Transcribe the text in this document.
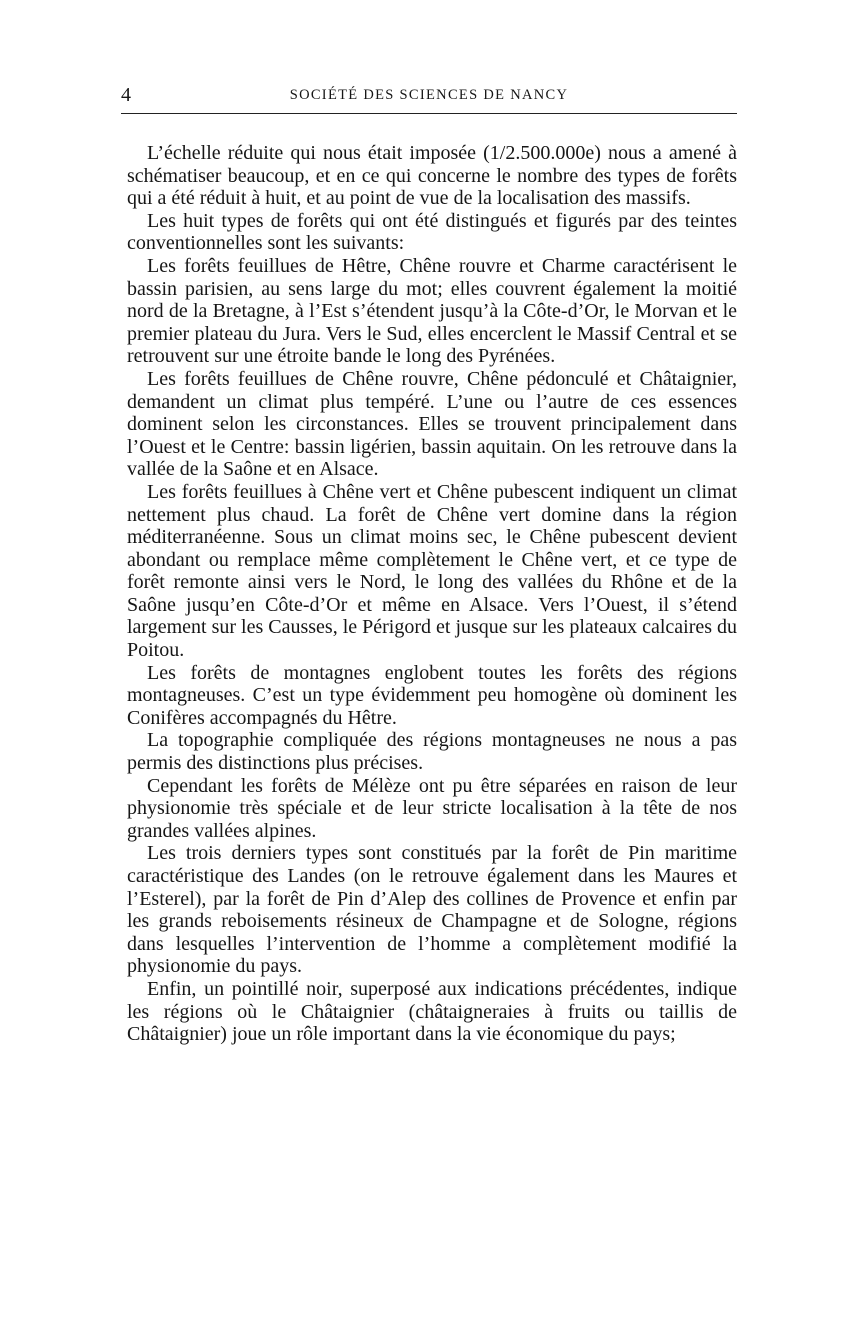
4	SOCIÉTÉ DES SCIENCES DE NANCY

L’échelle réduite qui nous était imposée (1/2.500.000e) nous a amené à schématiser beaucoup, et en ce qui concerne le nombre des types de forêts qui a été réduit à huit, et au point de vue de la localisation des massifs.

Les huit types de forêts qui ont été distingués et figurés par des teintes conventionnelles sont les suivants:

Les forêts feuillues de Hêtre, Chêne rouvre et Charme caractérisent le bassin parisien, au sens large du mot; elles couvrent également la moitié nord de la Bretagne, à l’Est s’étendent jusqu’à la Côte-d’Or, le Morvan et le premier plateau du Jura. Vers le Sud, elles encerclent le Massif Central et se retrouvent sur une étroite bande le long des Pyrénées.

Les forêts feuillues de Chêne rouvre, Chêne pédonculé et Châtaignier, demandent un climat plus tempéré. L’une ou l’autre de ces essences dominent selon les circonstances. Elles se trouvent principalement dans l’Ouest et le Centre: bassin ligérien, bassin aquitain. On les retrouve dans la vallée de la Saône et en Alsace.

Les forêts feuillues à Chêne vert et Chêne pubescent indiquent un climat nettement plus chaud. La forêt de Chêne vert domine dans la région méditerranéenne. Sous un climat moins sec, le Chêne pubescent devient abondant ou remplace même complètement le Chêne vert, et ce type de forêt remonte ainsi vers le Nord, le long des vallées du Rhône et de la Saône jusqu’en Côte-d’Or et même en Alsace. Vers l’Ouest, il s’étend largement sur les Causses, le Périgord et jusque sur les plateaux calcaires du Poitou.

Les forêts de montagnes englobent toutes les forêts des régions montagneuses. C’est un type évidemment peu homogène où dominent les Conifères accompagnés du Hêtre.

La topographie compliquée des régions montagneuses ne nous a pas permis des distinctions plus précises.

Cependant les forêts de Mélèze ont pu être séparées en raison de leur physionomie très spéciale et de leur stricte localisation à la tête de nos grandes vallées alpines.

Les trois derniers types sont constitués par la forêt de Pin maritime caractéristique des Landes (on le retrouve également dans les Maures et l’Esterel), par la forêt de Pin d’Alep des collines de Provence et enfin par les grands reboisements résineux de Champagne et de Sologne, régions dans lesquelles l’intervention de l’homme a complètement modifié la physionomie du pays.

Enfin, un pointillé noir, superposé aux indications précédentes, indique les régions où le Châtaignier (châtaigneraies à fruits ou taillis de Châtaignier) joue un rôle important dans la vie économique du pays;
